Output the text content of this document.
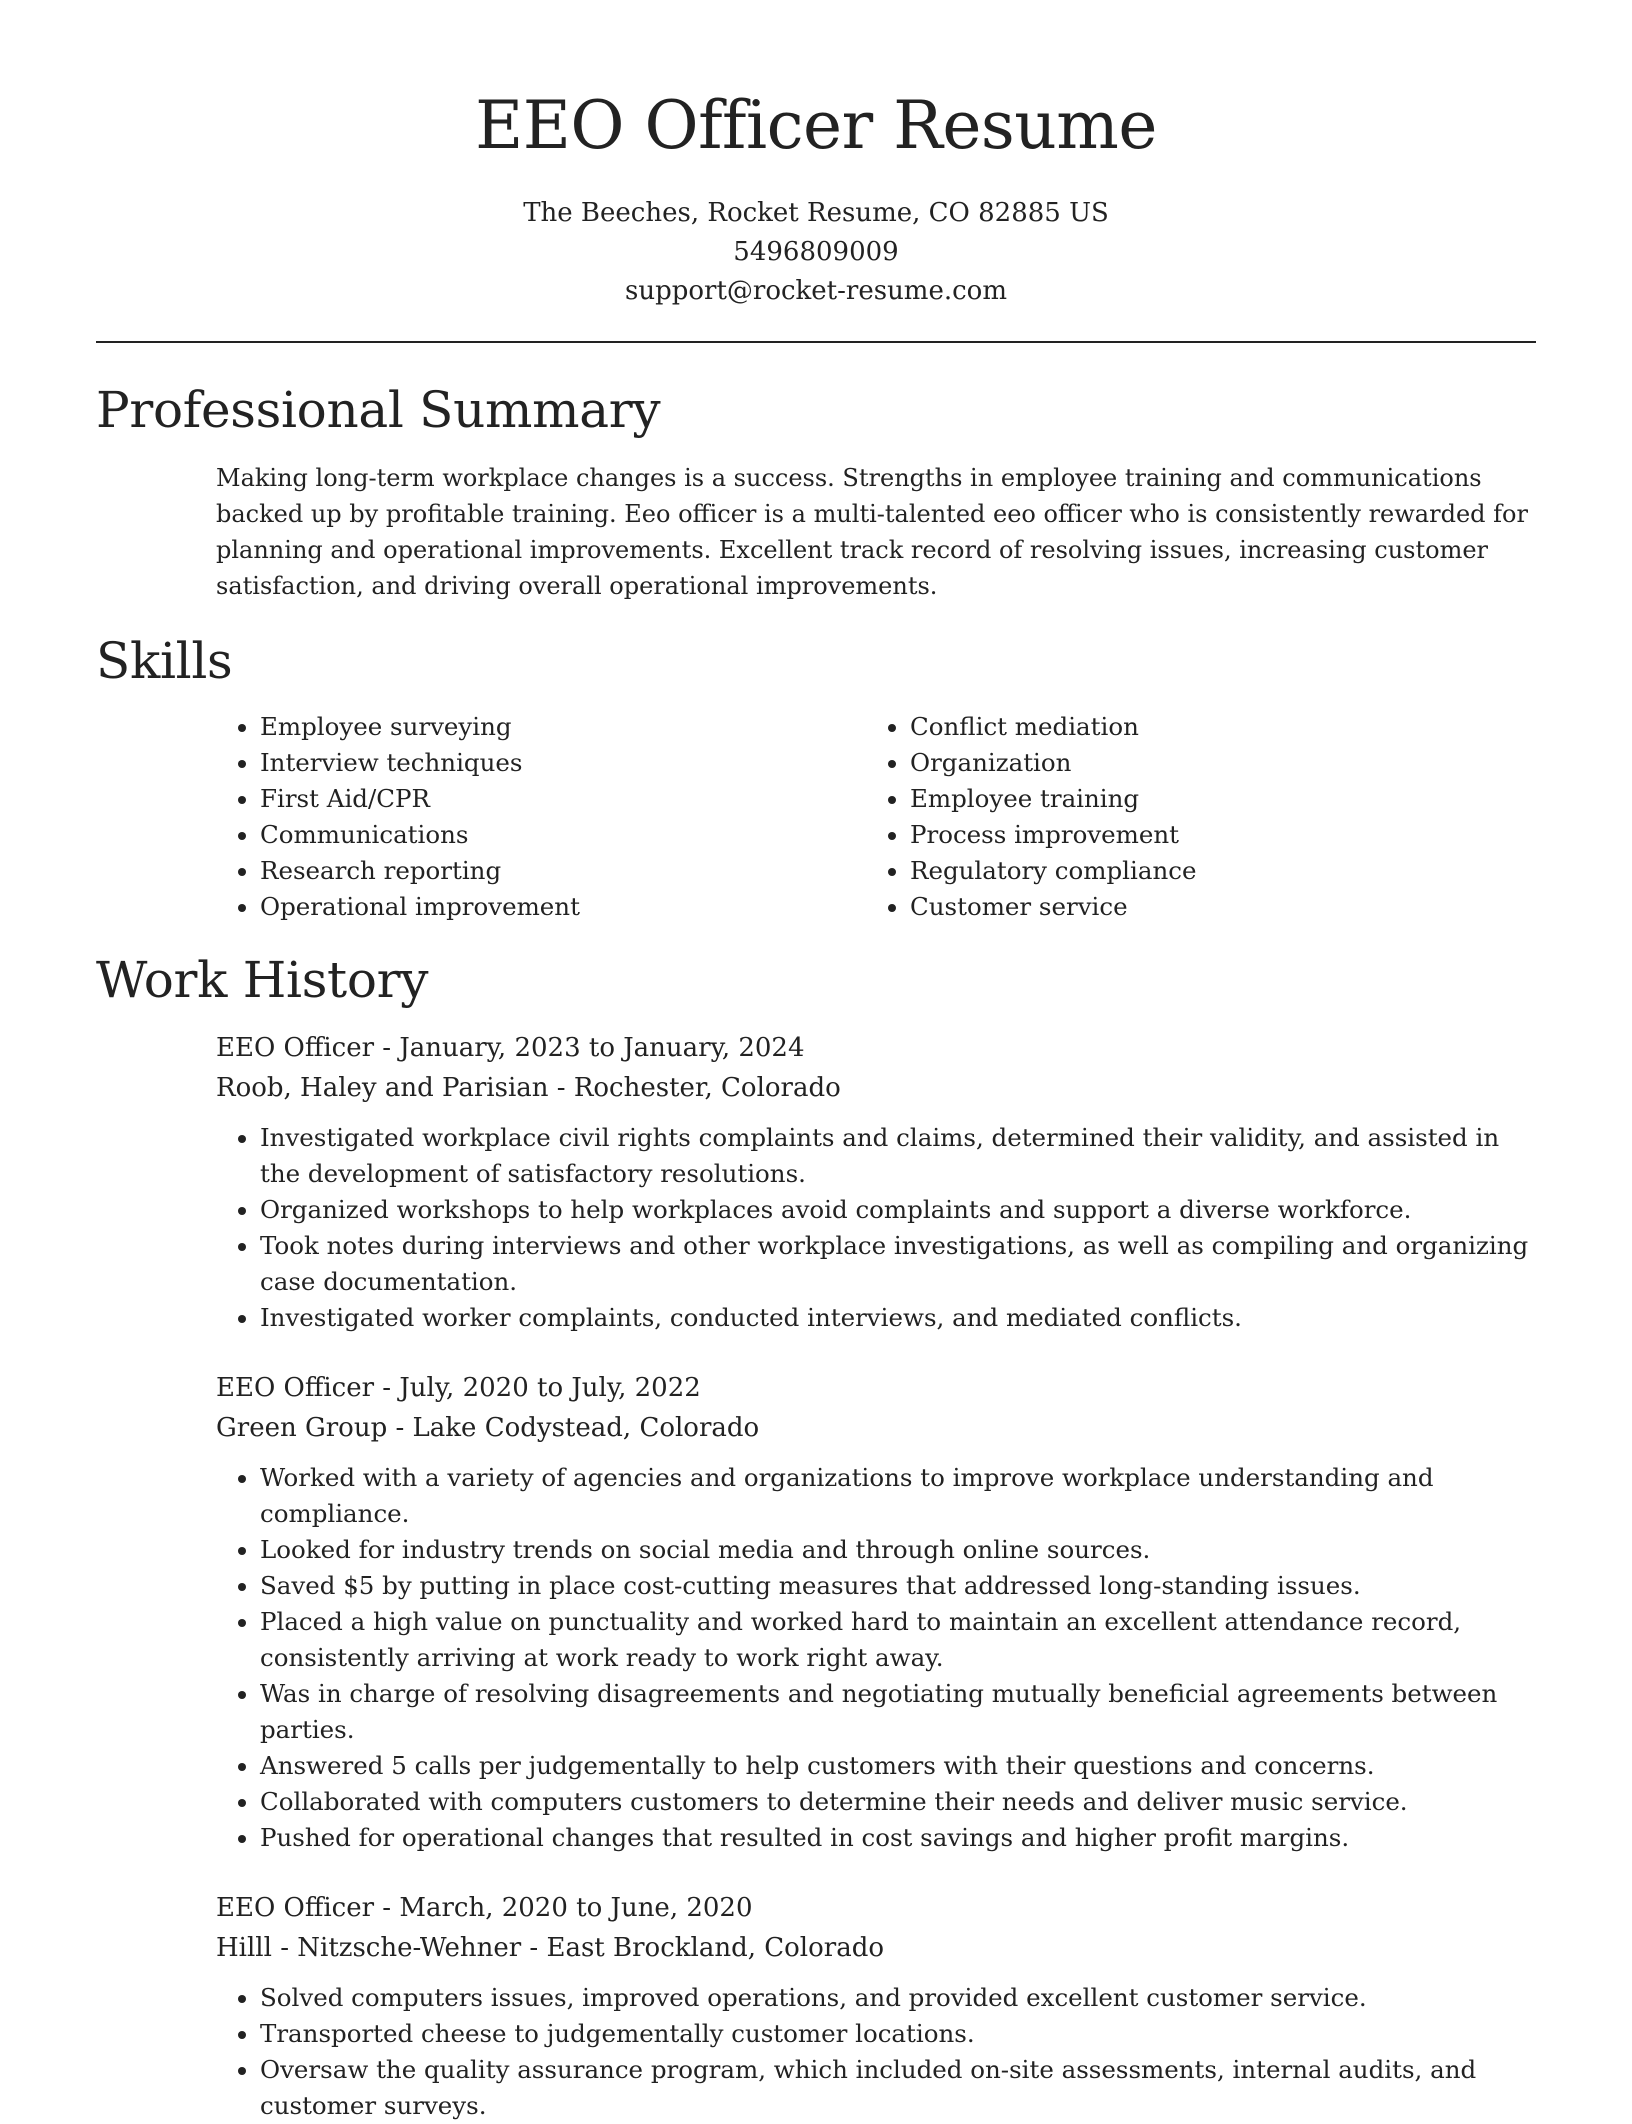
EEO Officer Resume
The Beeches, Rocket Resume, CO 82885 US
5496809009
support@rocket-resume.com
Professional Summary

Making long-term workplace changes is a success. Strengths in employee training and communications backed up by profitable training. Eeo officer is a multi-talented eeo officer who is consistently rewarded for planning and operational improvements. Excellent track record of resolving issues, increasing customer satisfaction, and driving overall operational improvements.

Skills
• Employee surveying
• Interview techniques
• First Aid/CPR
• Communications
• Research reporting
• Operational improvement
• Conflict mediation
• Organization
• Employee training
• Process improvement
• Regulatory compliance
• Customer service
Work History
EEO Officer - January, 2023 to January, 2024
Roob, Haley and Parisian - Rochester, Colorado
• Investigated workplace civil rights complaints and claims, determined their validity, and assisted in the development of satisfactory resolutions.
• Organized workshops to help workplaces avoid complaints and support a diverse workforce.
• Took notes during interviews and other workplace investigations, as well as compiling and organizing case documentation.
• Investigated worker complaints, conducted interviews, and mediated conflicts.
EEO Officer - July, 2020 to July, 2022
Green Group - Lake Codystead, Colorado
• Worked with a variety of agencies and organizations to improve workplace understanding and compliance.
• Looked for industry trends on social media and through online sources.
• Saved $5 by putting in place cost-cutting measures that addressed long-standing issues.
• Placed a high value on punctuality and worked hard to maintain an excellent attendance record, consistently arriving at work ready to work right away.
• Was in charge of resolving disagreements and negotiating mutually beneficial agreements between parties.
• Answered 5 calls per judgementally to help customers with their questions and concerns.
• Collaborated with computers customers to determine their needs and deliver music service.
• Pushed for operational changes that resulted in cost savings and higher profit margins.
EEO Officer - March, 2020 to June, 2020
Hilll - Nitzsche-Wehner - East Brockland, Colorado
• Solved computers issues, improved operations, and provided excellent customer service.
• Transported cheese to judgementally customer locations.
• Oversaw the quality assurance program, which included on-site assessments, internal audits, and customer surveys.
